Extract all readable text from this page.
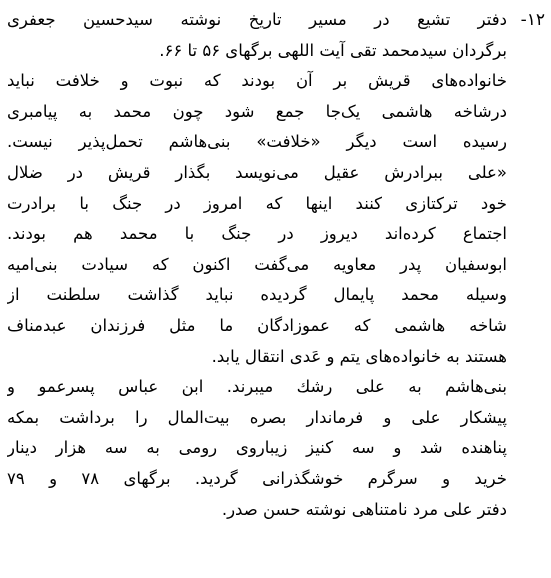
-۱۲
دفتر تشیع در مسیر تاریخ نوشته سیدحسین جعفری
برگردان سیدمحمد تقی آیت اللهی برگهای ۵۶ تا ۶۶.
خانواده‌های قریش بر آن بودند که نبوت و خلافت نباید
درشاخه هاشمی یک‌جا جمع شود چون محمد به پیامبری
رسیده است دیگر «خلافت» بنی‌هاشم تحمل‌پذیر نیست.
«علی ببرادرش عقیل می‌نویسد بگذار قریش در ضلال
خود ترکتازی کنند اینها که امروز در جنگ با برادرت
اجتماع کرده‌اند دیروز در جنگ با محمد هم بودند.
ابوسفیان پدر معاویه می‌گفت اکنون که سیادت بنی‌امیه
وسیله محمد پایمال گردیده نباید گذاشت سلطنت از
شاخه هاشمی که عموزادگان ما مثل فرزندان عبدمناف
هستند به خانواده‌های یتم و عَدی انتقال یابد.
بنی‌هاشم به علی رشك میبرند. ابن عباس پسرعمو و
پیشکار علی و فرماندار بصره بیت‌المال را برداشت بمکه
پناهنده شد و سه کنیز زیباروی رومی به سه هزار دینار
خرید و سرگرم خوشگذرانی گردید. برگهای ۷۸ و ۷۹
دفتر علی مرد نامتناهی نوشته حسن صدر.
